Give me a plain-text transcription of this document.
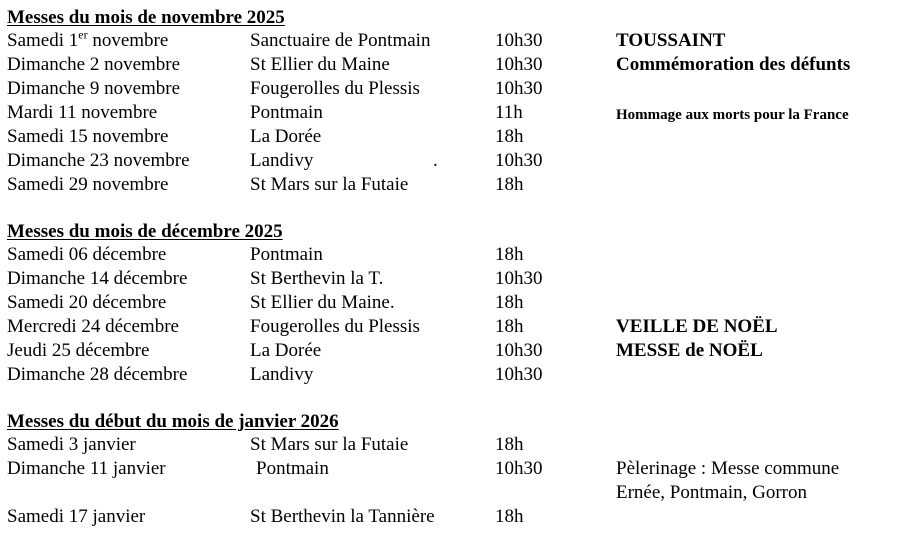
Messes du mois de novembre 2025
Samedi 1er novembre	Sanctuaire de Pontmain	10h30	TOUSSAINT
Dimanche 2 novembre	St Ellier du Maine	10h30	Commémoration des défunts
Dimanche 9 novembre	Fougerolles du Plessis	10h30
Mardi 11 novembre	Pontmain	11h	Hommage aux morts pour la France
Samedi 15 novembre	La Dorée	18h
Dimanche 23 novembre	Landivy	.	10h30
Samedi 29 novembre	St Mars sur la Futaie	18h
Messes du mois de décembre 2025
Samedi 06 décembre	Pontmain	18h
Dimanche 14 décembre	St Berthevin la T.	10h30
Samedi 20 décembre	St Ellier du Maine.	18h
Mercredi 24 décembre	Fougerolles du Plessis	18h	VEILLE DE NOËL
Jeudi 25 décembre	La Dorée	10h30	MESSE de NOËL
Dimanche 28 décembre	Landivy	10h30
Messes du début du mois de janvier 2026
Samedi 3 janvier	St Mars sur la Futaie	18h
Dimanche 11 janvier	Pontmain	10h30	Pèlerinage : Messe commune
Ernée, Pontmain, Gorron
Samedi 17 janvier	St Berthevin la Tannière	18h
